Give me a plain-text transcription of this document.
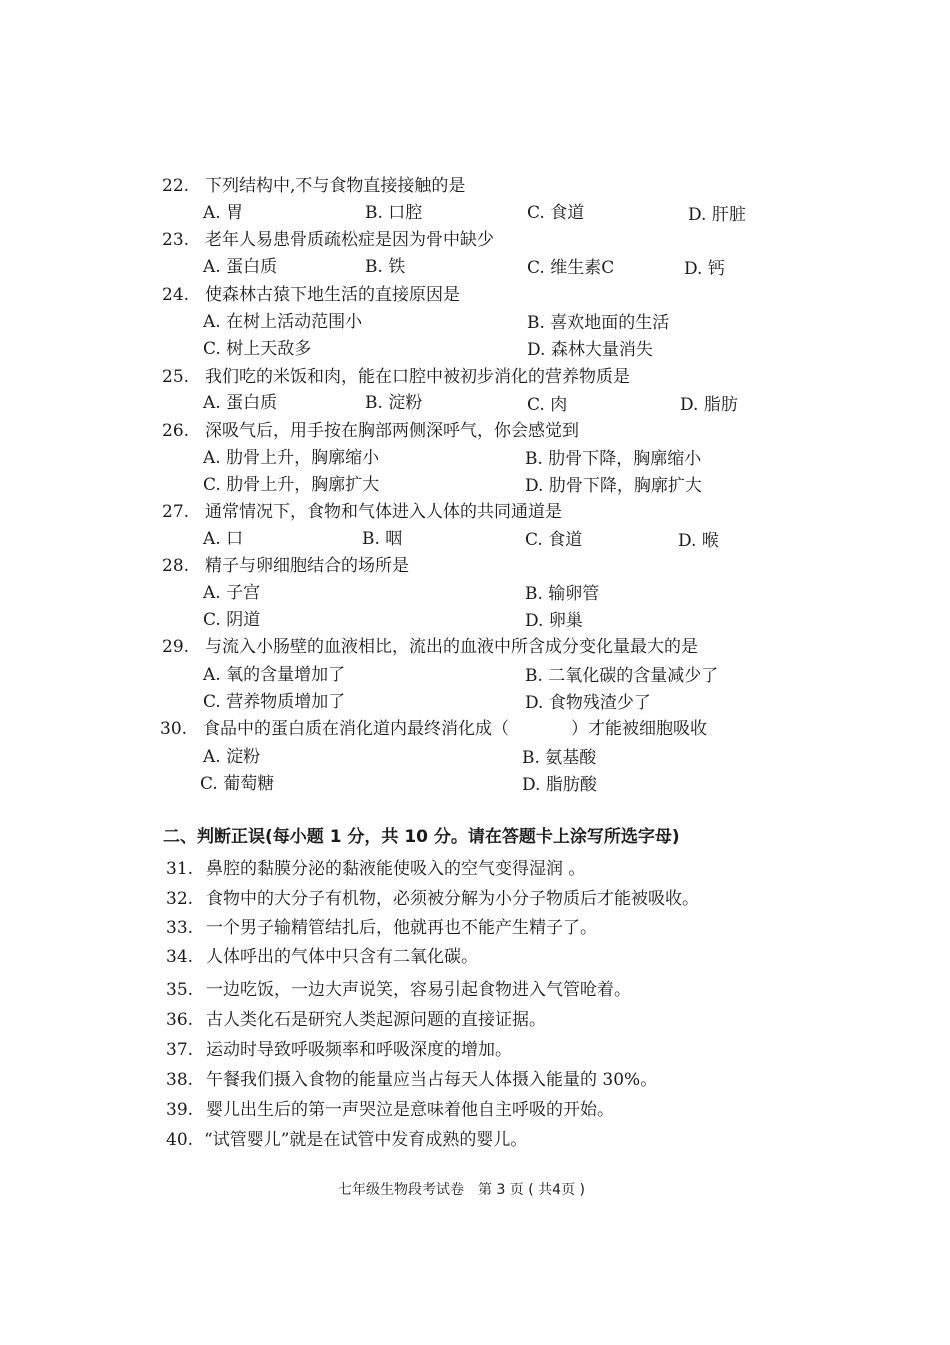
22. 下列结构中,不与食物直接接触的是
A. 胃	B. 口腔	C. 食道	D. 肝脏
23. 老年人易患骨质疏松症是因为骨中缺少
A. 蛋白质	B. 铁	C. 维生素C	D. 钙
24. 使森林古猿下地生活的直接原因是
A. 在树上活动范围小	B. 喜欢地面的生活
C. 树上天敌多	D. 森林大量消失
25. 我们吃的米饭和肉，能在口腔中被初步消化的营养物质是
A. 蛋白质	B. 淀粉	C. 肉	D. 脂肪
26. 深吸气后，用手按在胸部两侧深呼气，你会感觉到
A. 肋骨上升，胸廓缩小	B. 肋骨下降，胸廓缩小
C. 肋骨上升，胸廓扩大	D. 肋骨下降，胸廓扩大
27. 通常情况下，食物和气体进入人体的共同通道是
A. 口	B. 咽	C. 食道	D. 喉
28. 精子与卵细胞结合的场所是
A. 子宫	B. 输卵管
C. 阴道	D. 卵巢
29. 与流入小肠壁的血液相比，流出的血液中所含成分变化量最大的是
A. 氧的含量增加了	B. 二氧化碳的含量减少了
C. 营养物质增加了	D. 食物残渣少了
30. 食品中的蛋白质在消化道内最终消化成（	）才能被细胞吸收
A. 淀粉	B. 氨基酸
C. 葡萄糖	D. 脂肪酸
二、判断正误(每小题 1 分，共 10 分。请在答题卡上涂写所选字母)
31. 鼻腔的黏膜分泌的黏液能使吸入的空气变得湿润 。
32. 食物中的大分子有机物，必须被分解为小分子物质后才能被吸收。
33. 一个男子输精管结扎后，他就再也不能产生精子了。
34. 人体呼出的气体中只含有二氧化碳。
35. 一边吃饭，一边大声说笑，容易引起食物进入气管呛着。
36. 古人类化石是研究人类起源问题的直接证据。
37. 运动时导致呼吸频率和呼吸深度的增加。
38. 午餐我们摄入食物的能量应当占每天人体摄入能量的 30%。
39. 婴儿出生后的第一声哭泣是意味着他自主呼吸的开始。
40. “试管婴儿”就是在试管中发育成熟的婴儿。
七年级生物段考试卷　第 3 页 ( 共4页 )
